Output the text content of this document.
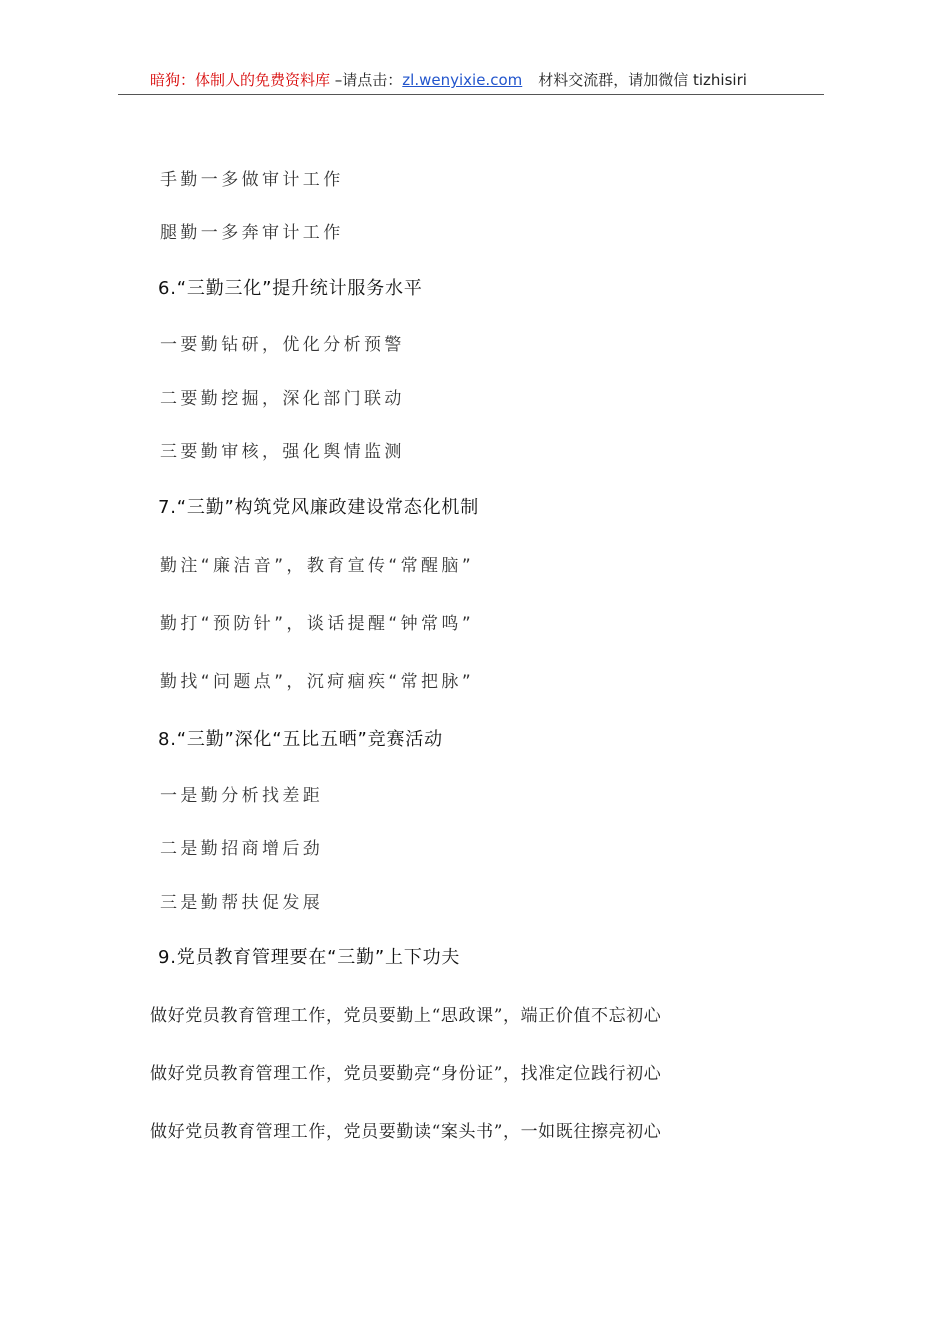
暗狗：体制人的免费资料库 –请点击：zl.wenyixie.com 材料交流群，请加微信 tizhisiri
手勤一多做审计工作
腿勤一多奔审计工作
6.“三勤三化”提升统计服务水平
一要勤钻研，优化分析预警
二要勤挖掘，深化部门联动
三要勤审核，强化舆情监测
7.“三勤”构筑党风廉政建设常态化机制
勤注“廉洁音”，教育宣传“常醒脑”
勤打“预防针”，谈话提醒“钟常鸣”
勤找“问题点”，沉疴痼疾“常把脉”
8.“三勤”深化“五比五晒”竞赛活动
一是勤分析找差距
二是勤招商增后劲
三是勤帮扶促发展
9.党员教育管理要在“三勤”上下功夫
做好党员教育管理工作，党员要勤上“思政课”，端正价值不忘初心
做好党员教育管理工作，党员要勤亮“身份证”，找准定位践行初心
做好党员教育管理工作，党员要勤读“案头书”，一如既往擦亮初心
